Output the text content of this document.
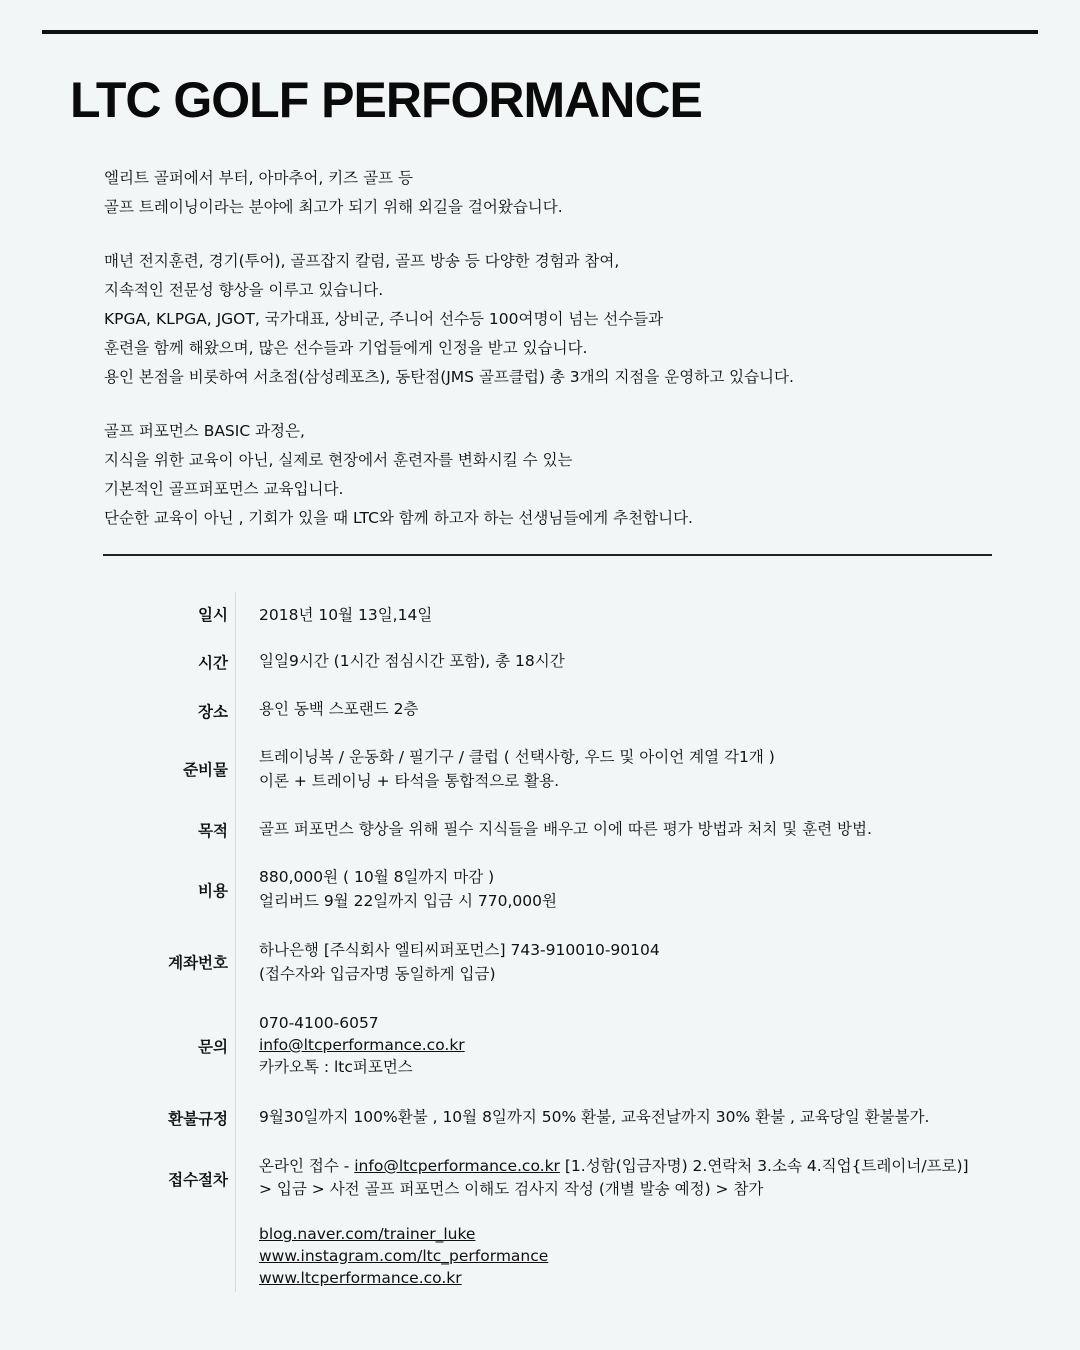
LTC GOLF PERFORMANCE
엘리트 골퍼에서 부터, 아마추어, 키즈 골프 등
골프 트레이닝이라는 분야에 최고가 되기 위해 외길을 걸어왔습니다.
매년 전지훈련, 경기(투어), 골프잡지 칼럼, 골프 방송 등 다양한 경험과 참여,
지속적인 전문성 향상을 이루고 있습니다.
KPGA, KLPGA, JGOT, 국가대표, 상비군, 주니어 선수등 100여명이 넘는 선수들과
훈련을 함께 해왔으며, 많은 선수들과 기업들에게 인정을 받고 있습니다.
용인 본점을 비롯하여 서초점(삼성레포츠), 동탄점(JMS 골프클럽) 총 3개의 지점을 운영하고 있습니다.
골프 퍼포먼스 BASIC 과정은,
지식을 위한 교육이 아닌, 실제로 현장에서 훈련자를 변화시킬 수 있는
기본적인 골프퍼포먼스 교육입니다.
단순한 교육이 아닌 , 기회가 있을 때 LTC와 함께 하고자 하는 선생님들에게 추천합니다.
일시 2018년 10월 13일,14일
시간 일일9시간 (1시간 점심시간 포함), 총 18시간
장소 용인 동백 스포랜드 2층
준비물
트레이닝복 / 운동화 / 필기구 / 클럽 ( 선택사항, 우드 및 아이언 계열 각1개 )
이론 + 트레이닝 + 타석을 통합적으로 활용.
목적 골프 퍼포먼스 향상을 위해 필수 지식들을 배우고 이에 따른 평가 방법과 처치 및 훈련 방법.
비용
880,000원 ( 10월 8일까지 마감 )
얼리버드 9월 22일까지 입금 시 770,000원
계좌번호
하나은행 [주식회사 엘티씨퍼포먼스] 743-910010-90104
(접수자와 입금자명 동일하게 입금)
문의
070-4100-6057
info@ltcperformance.co.kr
카카오톡 : ltc퍼포먼스
환불규정 9월30일까지 100%환불 , 10월 8일까지 50% 환불, 교육전날까지 30% 환불 , 교육당일 환불불가.
접수절차
온라인 접수 - info@ltcperformance.co.kr [1.성함(입금자명) 2.연락처 3.소속 4.직업{트레이너/프로)] > 입금 > 사전 골프 퍼포먼스 이해도 검사지 작성 (개별 발송 예정) > 참가
blog.naver.com/trainer_luke
www.instagram.com/ltc_performance
www.ltcperformance.co.kr
